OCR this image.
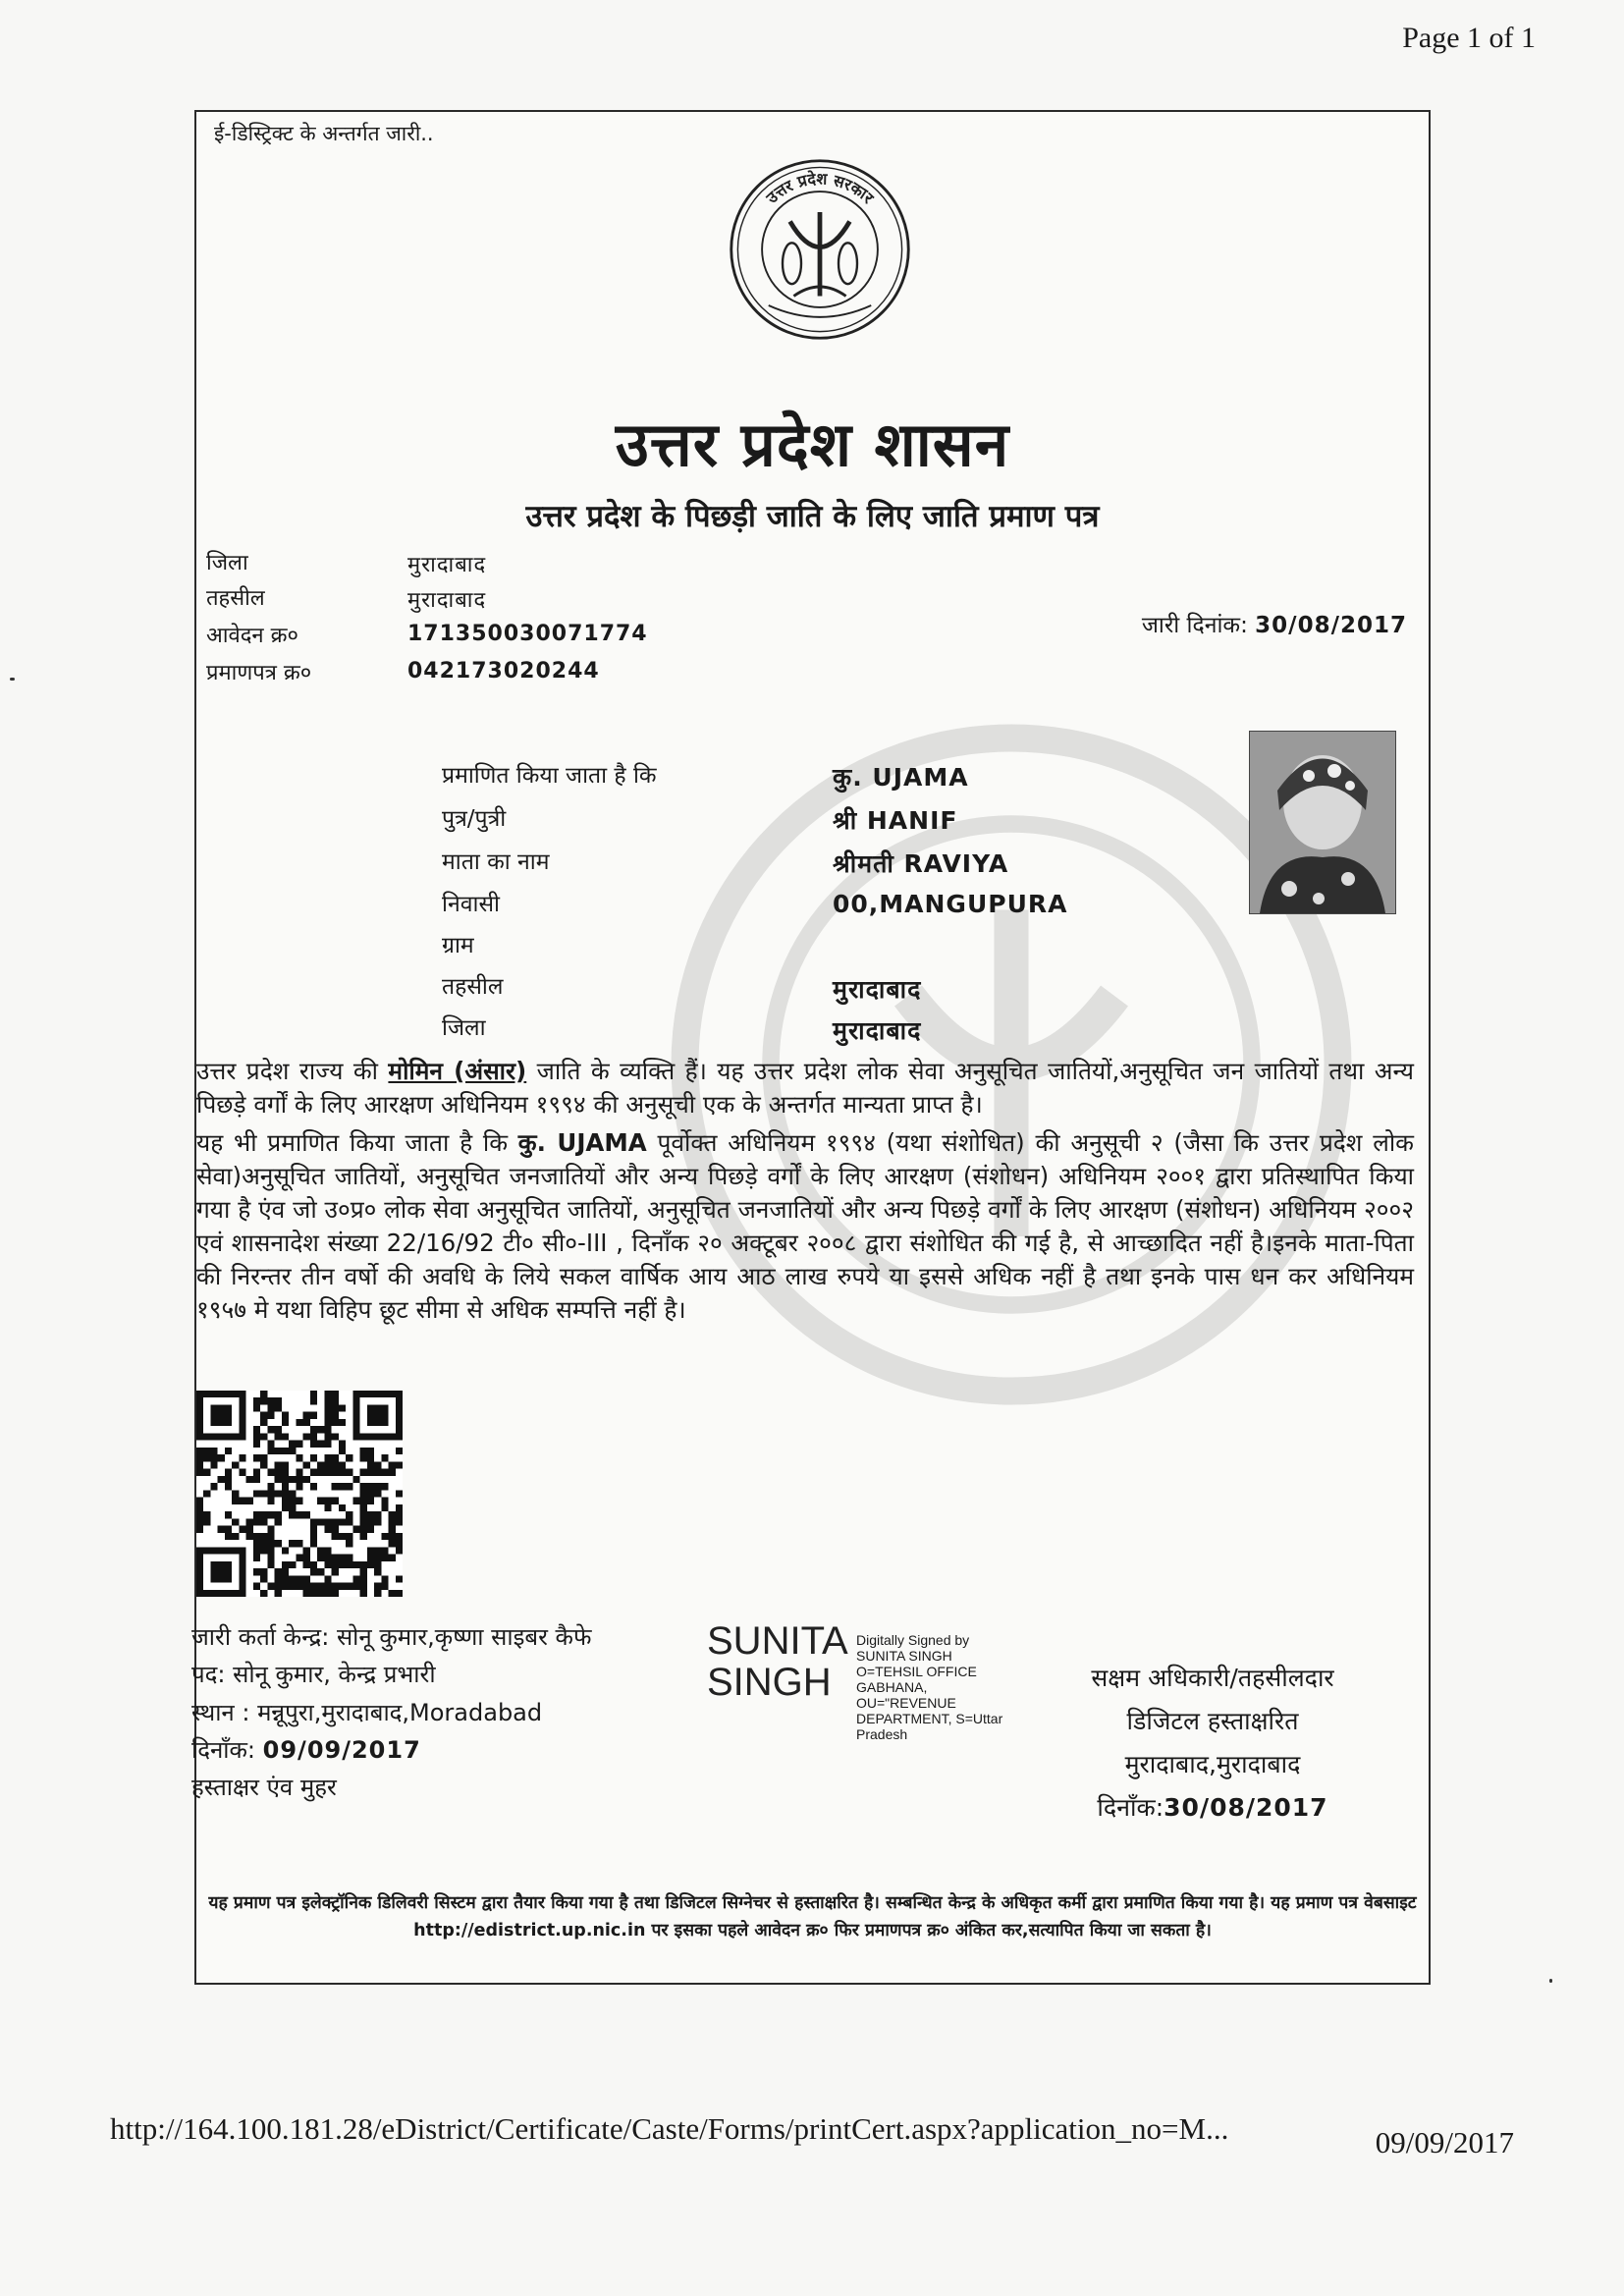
Page 1 of 1
ई-डिस्ट्रिक्ट के अन्तर्गत जारी..
उत्तर प्रदेश सरकार
उत्तर प्रदेश शासन
उत्तर प्रदेश के पिछड़ी जाति के लिए जाति प्रमाण पत्र
जिला	मुरादाबाद
तहसील	मुरादाबाद
आवेदन क्र०	171350030071774
प्रमाणपत्र क्र०	042173020244
जारी दिनांक: 30/08/2017
प्रमाणित किया जाता है कि	कु. UJAMA
पुत्र/पुत्री	श्री HANIF
माता का नाम	श्रीमती RAVIYA
निवासी	00,MANGUPURA
ग्राम
तहसील	मुरादाबाद
जिला	मुरादाबाद
उत्तर प्रदेश राज्य की मोमिन (अंसार) जाति के व्यक्ति हैं। यह उत्तर प्रदेश लोक सेवा अनुसूचित जातियों,अनुसूचित जन जातियों तथा अन्य पिछड़े वर्गों के लिए आरक्षण अधिनियम १९९४ की अनुसूची एक के अन्तर्गत मान्यता प्राप्त है।
यह भी प्रमाणित किया जाता है कि कु. UJAMA पूर्वोक्त अधिनियम १९९४ (यथा संशोधित) की अनुसूची २ (जैसा कि उत्तर प्रदेश लोक सेवा)अनुसूचित जातियों, अनुसूचित जनजातियों और अन्य पिछड़े वर्गों के लिए आरक्षण (संशोधन) अधिनियम २००१ द्वारा प्रतिस्थापित किया गया है एंव जो उ०प्र० लोक सेवा अनुसूचित जातियों, अनुसूचित जनजातियों और अन्य पिछड़े वर्गों के लिए आरक्षण (संशोधन) अधिनियम २००२ एवं शासनादेश संख्या 22/16/92 टी० सी०-III , दिनाँक २० अक्टूबर २००८ द्वारा संशोधित की गई है, से आच्छादित नहीं है।इनके माता-पिता की निरन्तर तीन वर्षो की अवधि के लिये सकल वार्षिक आय आठ लाख रुपये या इससे अधिक नहीं है तथा इनके पास धन कर अधिनियम १९५७ मे यथा विहिप छूट सीमा से अधिक सम्पत्ति नहीं है।
जारी कर्ता केन्द्र: सोनू कुमार,कृष्णा साइबर कैफे
पद: सोनू कुमार, केन्द्र प्रभारी
स्थान : मन्नूपुरा,मुरादाबाद,Moradabad
दिनाँक: 09/09/2017
हस्ताक्षर एंव मुहर
SUNITA
SINGH
Digitally Signed by SUNITA SINGH O=TEHSIL OFFICE GABHANA, OU="REVENUE DEPARTMENT, S=Uttar Pradesh
सक्षम अधिकारी/तहसीलदार
डिजिटल हस्ताक्षरित
मुरादाबाद,मुरादाबाद
दिनाँक:30/08/2017
यह प्रमाण पत्र इलेक्ट्रॉनिक डिलिवरी सिस्टम द्वारा तैयार किया गया है तथा डिजिटल सिग्नेचर से हस्ताक्षरित है। सम्बन्धित केन्द्र के अधिकृत कर्मी द्वारा प्रमाणित किया गया है। यह प्रमाण पत्र वेबसाइट http://edistrict.up.nic.in पर इसका पहले आवेदन क्र० फिर प्रमाणपत्र क्र० अंकित कर,सत्यापित किया जा सकता है।
http://164.100.181.28/eDistrict/Certificate/Caste/Forms/printCert.aspx?application_no=M...	09/09/2017
